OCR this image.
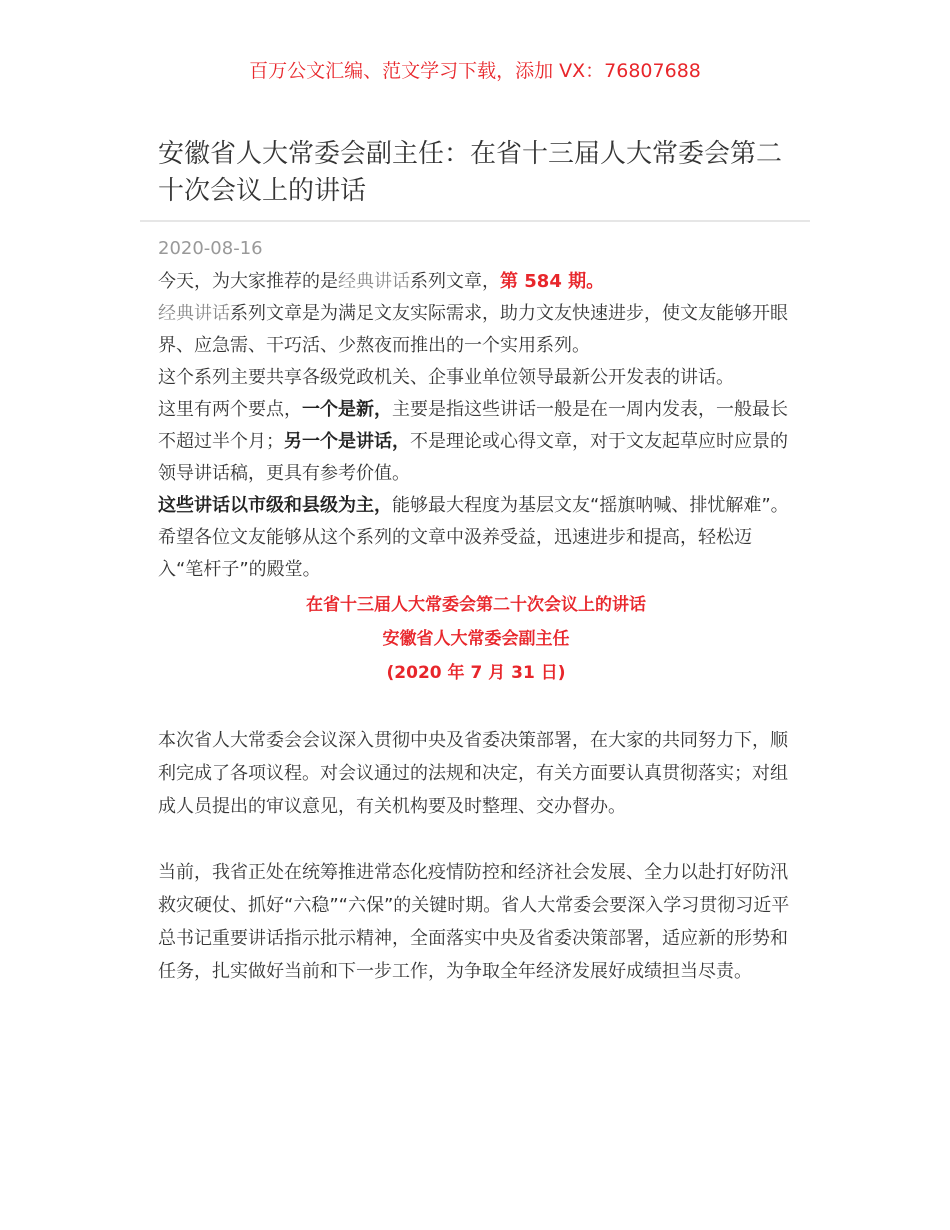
百万公文汇编、范文学习下载，添加 VX：76807688
安徽省人大常委会副主任：在省十三届人大常委会第二十次会议上的讲话
2020-08-16

今天，为大家推荐的是经典讲话系列文章，第 584 期。

经典讲话系列文章是为满足文友实际需求，助力文友快速进步，使文友能够开眼界、应急需、干巧活、少熬夜而推出的一个实用系列。

这个系列主要共享各级党政机关、企事业单位领导最新公开发表的讲话。

这里有两个要点，一个是新，主要是指这些讲话一般是在一周内发表，一般最长不超过半个月；另一个是讲话，不是理论或心得文章，对于文友起草应时应景的领导讲话稿，更具有参考价值。

这些讲话以市级和县级为主，能够最大程度为基层文友“摇旗呐喊、排忧解难”。希望各位文友能够从这个系列的文章中汲养受益，迅速进步和提高，轻松迈入“笔杆子”的殿堂。

在省十三届人大常委会第二十次会议上的讲话
安徽省人大常委会副主任
(2020 年 7 月 31 日)

本次省人大常委会会议深入贯彻中央及省委决策部署，在大家的共同努力下，顺利完成了各项议程。对会议通过的法规和决定，有关方面要认真贯彻落实；对组成人员提出的审议意见，有关机构要及时整理、交办督办。

当前，我省正处在统筹推进常态化疫情防控和经济社会发展、全力以赴打好防汛救灾硬仗、抓好“六稳”“六保”的关键时期。省人大常委会要深入学习贯彻习近平总书记重要讲话指示批示精神，全面落实中央及省委决策部署，适应新的形势和任务，扎实做好当前和下一步工作，为争取全年经济发展好成绩担当尽责。
